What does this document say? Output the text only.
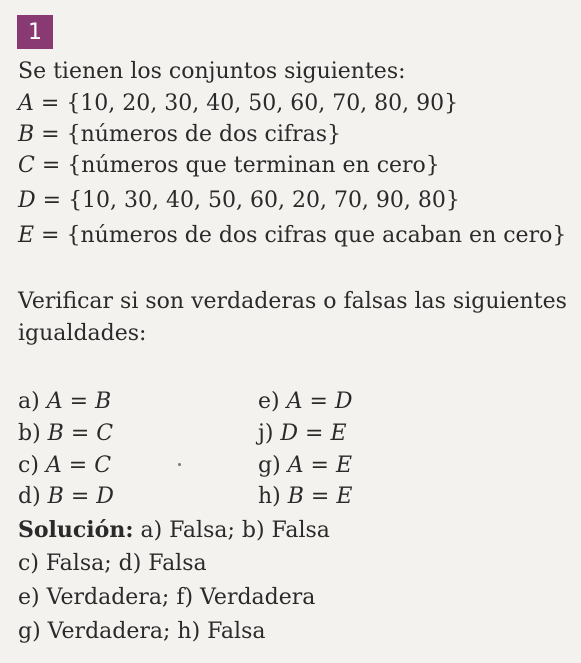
1
Se tienen los conjuntos siguientes:
A = {10, 20, 30, 40, 50, 60, 70, 80, 90}
B = {números de dos cifras}
C = {números que terminan en cero}
D = {10, 30, 40, 50, 60, 20, 70, 90, 80}
E = {números de dos cifras que acaban en cero}
Verificar si son verdaderas o falsas las siguientes
igualdades:
a) A = B
b) B = C
c) A = C
d) B = D
e) A = D
j) D = E
g) A = E
h) B = E
Solución: a) Falsa; b) Falsa
c) Falsa; d) Falsa
e) Verdadera; f) Verdadera
g) Verdadera; h) Falsa
